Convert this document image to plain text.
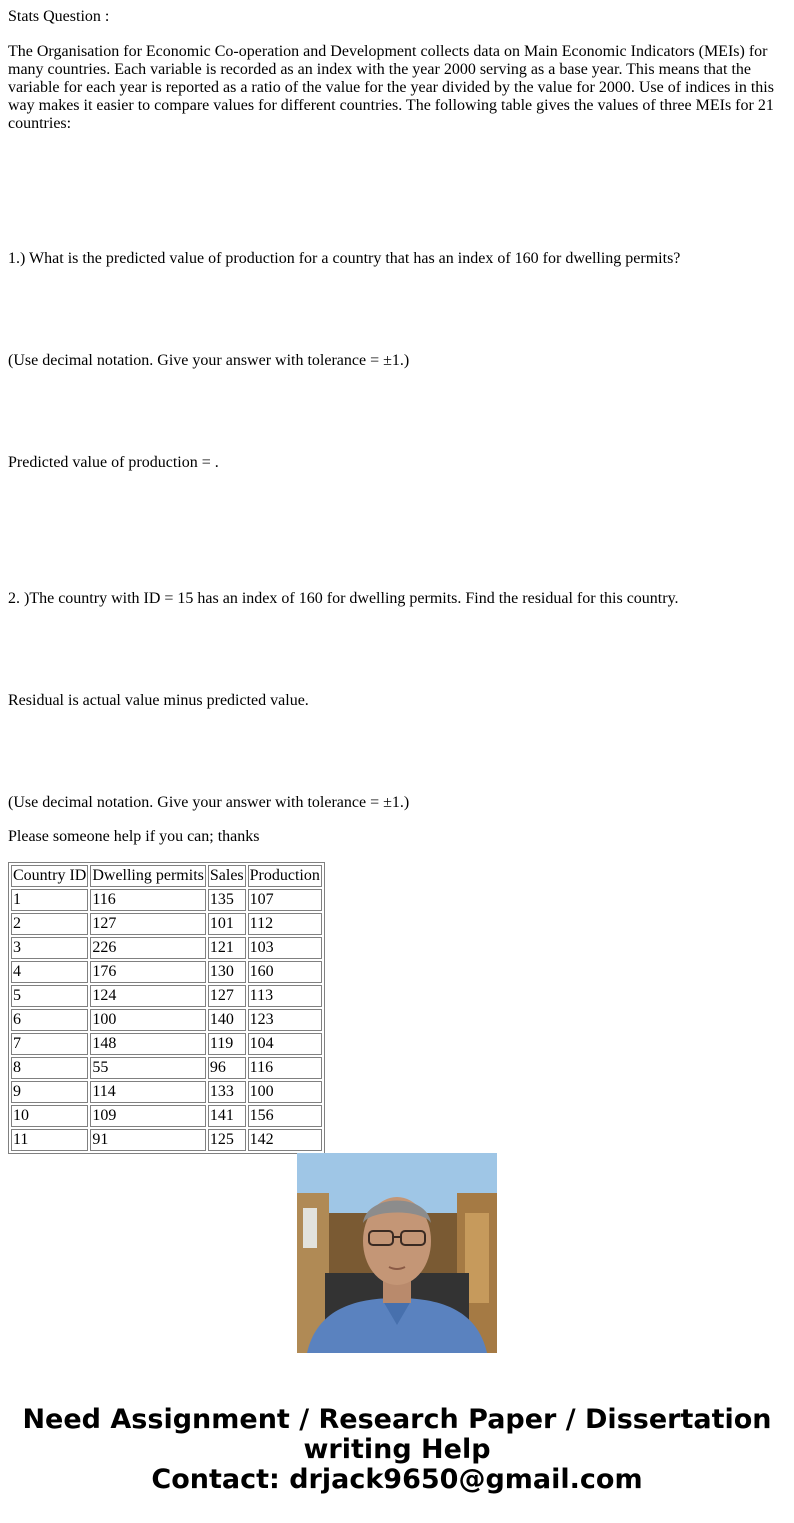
Stats Question :

The Organisation for Economic Co-operation and Development collects data on Main Economic Indicators (MEIs) for many countries. Each variable is recorded as an index with the year 2000 serving as a base year. This means that the variable for each year is reported as a ratio of the value for the year divided by the value for 2000. Use of indices in this way makes it easier to compare values for different countries. The following table gives the values of three MEIs for 21 countries:

1.) What is the predicted value of production for a country that has an index of 160 for dwelling permits?

(Use decimal notation. Give your answer with tolerance = ±1.)

Predicted value of production = .

2. )The country with ID = 15 has an index of 160 for dwelling permits. Find the residual for this country.

Residual is actual value minus predicted value.

(Use decimal notation. Give your answer with tolerance = ±1.)

Please someone help if you can; thanks

Country ID	Dwelling permits	Sales	Production
1	116	135	107
2	127	101	112
3	226	121	103
4	176	130	160
5	124	127	113
6	100	140	123
7	148	119	104
8	55	96	116
9	114	133	100
10	109	141	156
11	91	125	142
Need Assignment / Research Paper / Dissertation
writing Help
Contact: drjack9650@gmail.com
